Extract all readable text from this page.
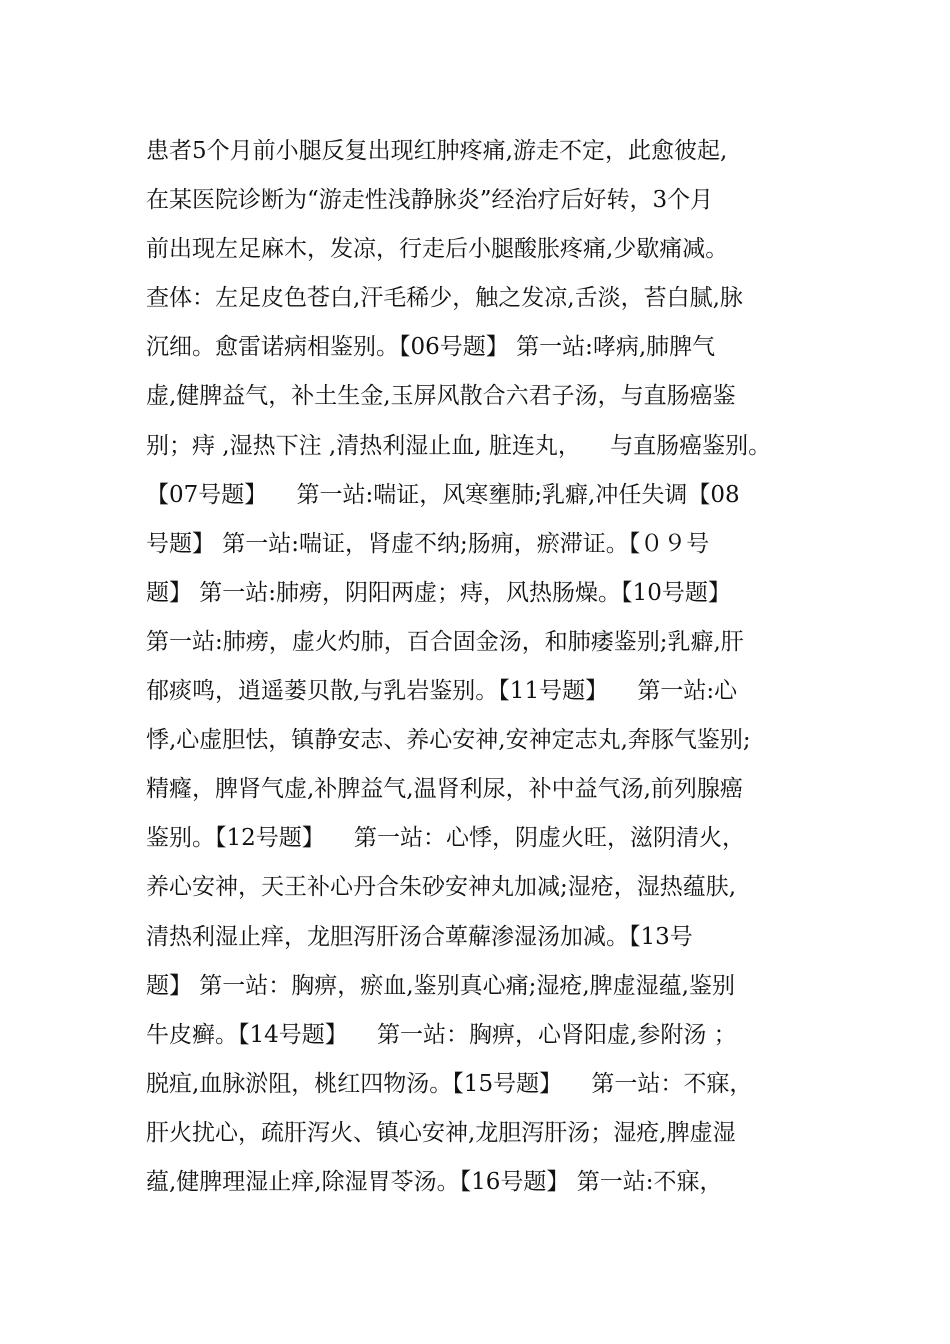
患者5个月前小腿反复出现红肿疼痛,游走不定，此愈彼起,
在某医院诊断为“游走性浅静脉炎”经治疗后好转，3个月
前出现左足麻木，发凉，行走后小腿酸胀疼痛,少歇痛减。
查体：左足皮色苍白,汗毛稀少，触之发凉,舌淡，苔白腻,脉
沉细。愈雷诺病相鉴别。【06号题】 第一站:哮病,肺脾气
虚,健脾益气，补土生金,玉屏风散合六君子汤，与直肠癌鉴
别；痔 ,湿热下注 ,清热利湿止血, 脏连丸，    与直肠癌鉴别。
【07号题】    第一站:喘证，风寒壅肺;乳癖,冲任失调【08
号题】 第一站:喘证，肾虚不纳;肠痈，瘀滞证。【０９号
题】 第一站:肺痨，阴阳两虚；痔，风热肠燥。【10号题】
第一站:肺痨，虚火灼肺，百合固金汤，和肺痿鉴别;乳癖,肝
郁痰鸣，逍遥蒌贝散,与乳岩鉴别。【11号题】    第一站:心
悸,心虚胆怯，镇静安志、养心安神,安神定志丸,奔豚气鉴别;
精癃，脾肾气虚,补脾益气,温肾利尿，补中益气汤,前列腺癌
鉴别。【12号题】    第一站：心悸，阴虚火旺，滋阴清火，
养心安神，天王补心丹合朱砂安神丸加减;湿疮，湿热蕴肤,
清热利湿止痒，龙胆泻肝汤合萆薢渗湿汤加减。【13号
题】 第一站：胸痹，瘀血,鉴别真心痛;湿疮,脾虚湿蕴,鉴别
牛皮癣。【14号题】    第一站：胸痹，心肾阳虚,参附汤 ；
脱疽,血脉淤阻，桃红四物汤。【15号题】    第一站：不寐，
肝火扰心，疏肝泻火、镇心安神,龙胆泻肝汤；湿疮,脾虚湿
蕴,健脾理湿止痒,除湿胃苓汤。【16号题】 第一站:不寐，
